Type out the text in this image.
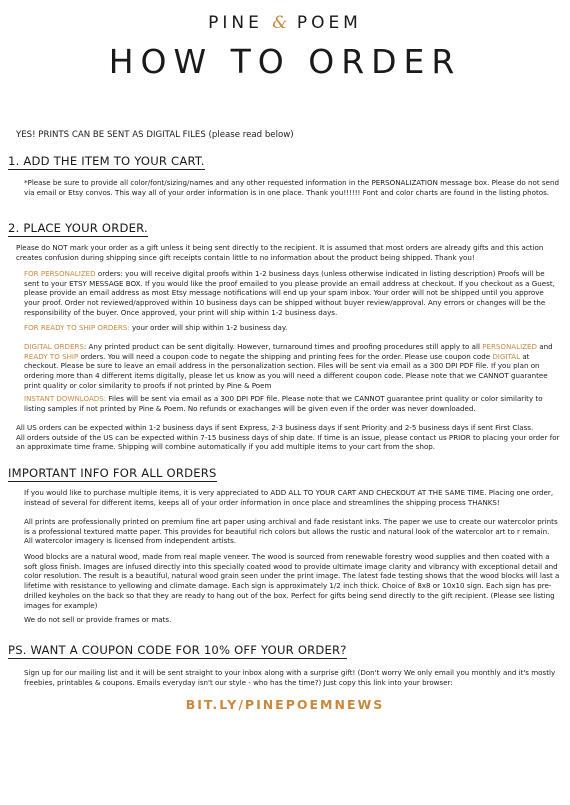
PINE & POEM
HOW TO ORDER
YES! PRINTS CAN BE SENT AS DIGITAL FILES (please read below)
1. ADD THE ITEM TO YOUR CART.

*Please be sure to provide all color/font/sizing/names and any other requested information in the PERSONALIZATION message box. Please do not send via email or Etsy convos. This way all of your order information is in one place. Thank you!!!!!! Font and color charts are found in the listing photos.

2. PLACE YOUR ORDER.

Please do NOT mark your order as a gift unless it being sent directly to the recipient. It is assumed that most orders are already gifts and this action creates confusion during shipping since gift receipts contain little to no information about the product being shipped. Thank you!

FOR PERSONALIZED orders: you will receive digital proofs within 1-2 business days (unless otherwise indicated in listing description) Proofs will be sent to your ETSY MESSAGE BOX. If you would like the proof emailed to you please provide an email address at checkout. If you checkout as a Guest, please provide an email address as most Etsy message notifications will end up your spam inbox. Your order will not be shipped until you approve your proof. Order not reviewed/approved within 10 business days can be shipped without buyer review/approval. Any errors or changes will be the responsibility of the buyer. Once approved, your print will ship within 1-2 business days.

FOR READY TO SHIP ORDERS: your order will ship within 1-2 business day.

DIGITAL ORDERS: Any printed product can be sent digitally. However, turnaround times and proofing procedures still apply to all PERSONALIZED and READY TO SHIP orders. You will need a coupon code to negate the shipping and printing fees for the order. Please use coupon code DIGITAL at checkout. Please be sure to leave an email address in the personalization section. Files will be sent via email as a 300 DPI PDF file. If you plan on ordering more than 4 different items digitally, please let us know as you will need a different coupon code. Please note that we CANNOT guarantee print quality or color similarity to proofs if not printed by Pine & Poem

INSTANT DOWNLOADS: Files will be sent via email as a 300 DPI PDF file. Please note that we CANNOT guarantee print quality or color similarity to listing samples if not printed by Pine & Poem. No refunds or exachanges will be given even if the order was never downloaded.

All US orders can be expected within 1-2 business days if sent Express, 2-3 business days if sent Priority and 2-5 business days if sent First Class.
All orders outside of the US can be expected within 7-15 business days of ship date. If time is an issue, please contact us PRIOR to placing your order for an approximate time frame. Shipping will combine automatically if you add multiple items to your cart from the shop.

IMPORTANT INFO FOR ALL ORDERS

If you would like to purchase multiple items, it is very appreciated to ADD ALL TO YOUR CART AND CHECKOUT AT THE SAME TIME. Placing one order, instead of several for different items, keeps all of your order information in once place and streamlines the shipping process THANKS!

All prints are professionally printed on premium fine art paper using archival and fade resistant inks. The paper we use to create our watercolor prints is a professional textured matte paper. This provides for beautiful rich colors but allows the rustic and natural look of the watercolor art to r remain. All watercolor imagery is licensed from independent artists.

Wood blocks are a natural wood, made from real maple veneer. The wood is sourced from renewable forestry wood supplies and then coated with a soft gloss finish. Images are infused directly into this specially coated wood to provide ultimate image clarity and vibrancy with exceptional detail and color resolution. The result is a beautiful, natural wood grain seen under the print image. The latest fade testing shows that the wood blocks will last a lifetime with resistance to yellowing and climate damage. Each sign is approximately 1/2 inch thick. Choice of 8x8 or 10x10 sign. Each sign has pre-drilled keyholes on the back so that they are ready to hang out of the box. Perfect for gifts being send directly to the gift recipient. (Please see listing images for example)

We do not sell or provide frames or mats.

PS. WANT A COUPON CODE FOR 10% OFF YOUR ORDER?

Sign up for our mailing list and it will be sent straight to your inbox along with a surprise gift! (Don't worry We only email you monthly and it's mostly freebies, printables & coupons. Emails everyday isn't our style - who has the time?) Just copy this link into your browser:

BIT.LY/PINEPOEMNEWS
